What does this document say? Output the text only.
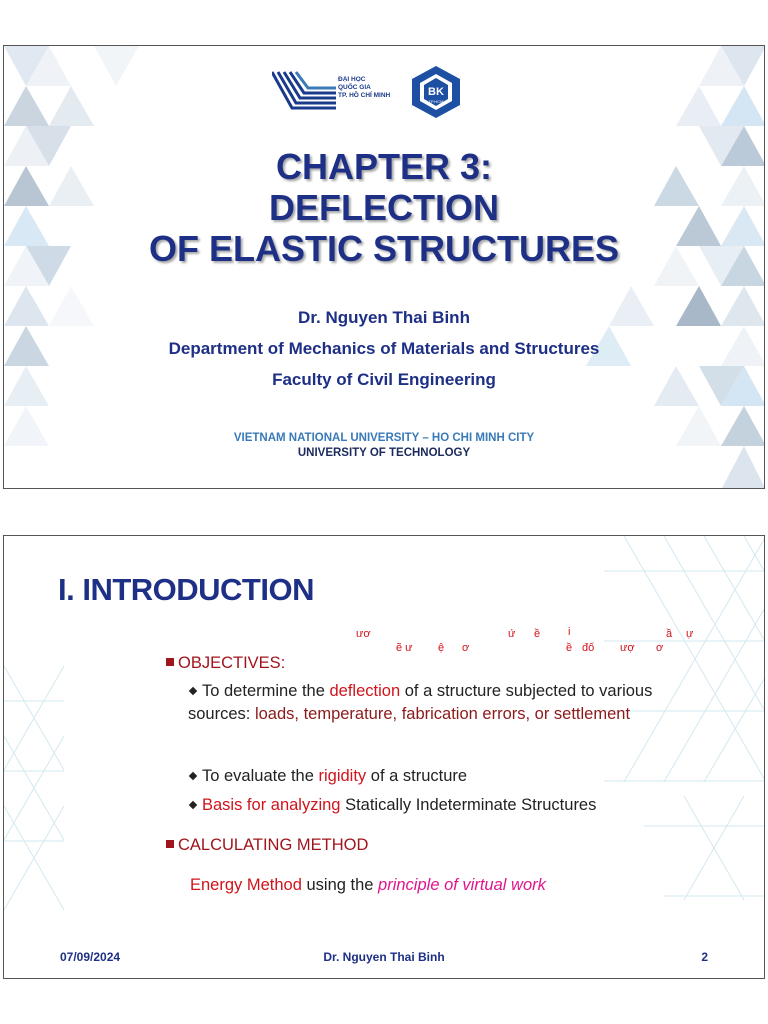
ĐẠI HỌC
QUỐC GIA
TP. HỒ CHÍ MINH	BK
TP.HCM
CHAPTER 3:
DEFLECTION
OF ELASTIC STRUCTURES
Dr. Nguyen Thai Binh
Department of Mechanics of Materials and Structures
Faculty of Civil Engineering
VIETNAM NATIONAL UNIVERSITY – HO CHI MINH CITY
UNIVERSITY OF TECHNOLOGY
I. INTRODUCTION
ươ	ứ ề	i	ầ ự
ẽ ư ệ ơ	ề đố ượ ơ
OBJECTIVES:
To determine the deflection of a structure subjected to various sources: loads, temperature, fabrication errors, or settlement
To evaluate the rigidity of a structure
Basis for analyzing Statically Indeterminate Structures
CALCULATING METHOD
Energy Method using the principle of virtual work
07/09/2024	Dr. Nguyen Thai Binh	2
